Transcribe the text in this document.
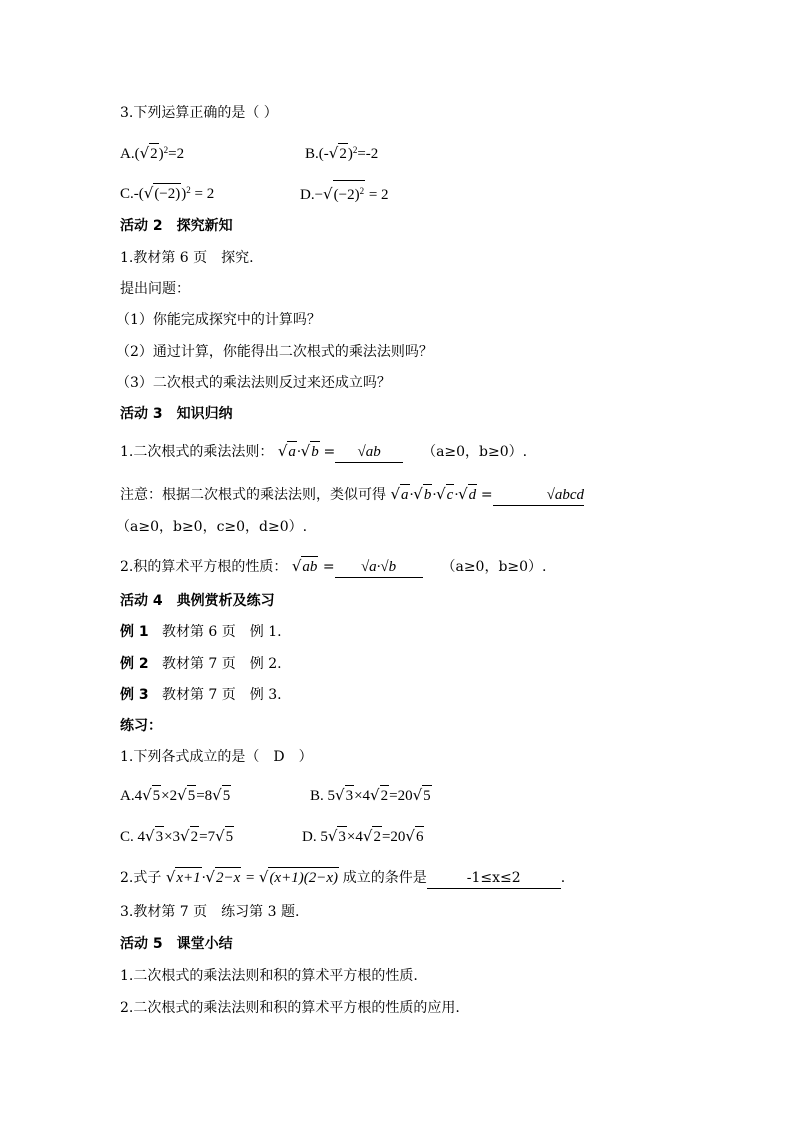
3.下列运算正确的是（ ）
$A.(√2)^2=2$	$B.(-√2)^2=-2$
$C.-(√(-2))^2 = 2$	$D.-√(-2)^2 = 2$
活动 2　探究新知
1.教材第 6 页　探究.
提出问题：
（1）你能完成探究中的计算吗？
（2）通过计算，你能得出二次根式的乘法法则吗？
（3）二次根式的乘法法则反过来还成立吗？
活动 3　知识归纳
1.二次根式的乘法法则： √a·√b = √ab	（a≥0，b≥0）.
注意：根据二次根式的乘法法则，类似可得 √a·√b·√c·√d =	√abcd
（a≥0，b≥0，c≥0，d≥0）.
2.积的算术平方根的性质： √ab = √a·√b	（a≥0，b≥0）.
活动 4　典例赏析及练习
例 1 教材第 6 页　例 1.
例 2 教材第 7 页　例 2.
例 3 教材第 7 页　例 3.
练习：
1.下列各式成立的是（　D　）
A.4√5×2√5=8√5	B. 5√3×4√2=20√5
C. 4√3×3√2=7√5	D. 5√3×4√2=20√6
2.式子 √x+1·√2−x = √(x+1)(2−x) 成立的条件是	-1≤x≤2	.
3.教材第 7 页　练习第 3 题.
活动 5　课堂小结
1.二次根式的乘法法则和积的算术平方根的性质.
2.二次根式的乘法法则和积的算术平方根的性质的应用.
